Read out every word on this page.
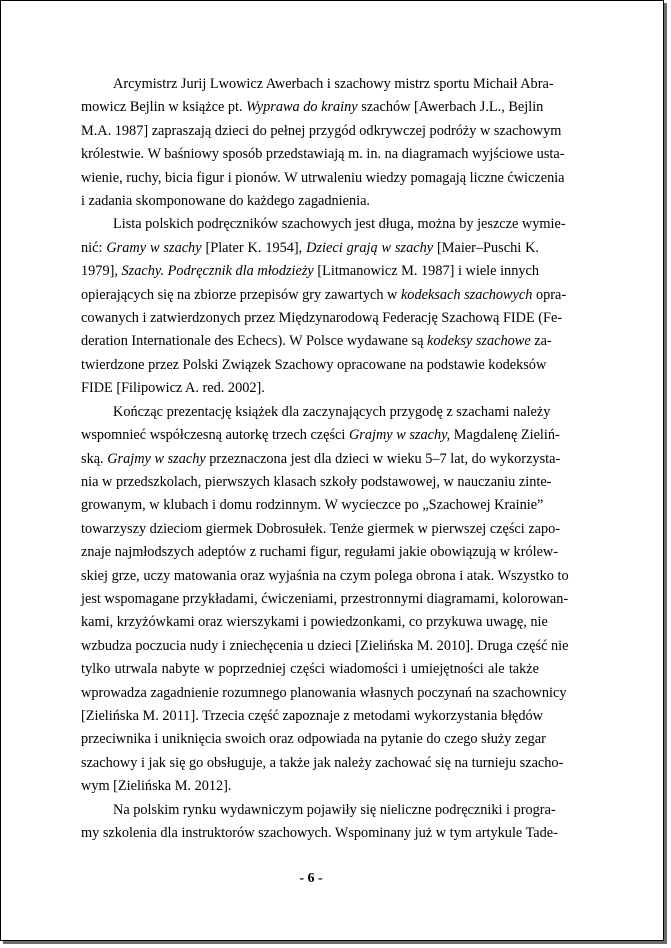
Arcymistrz Jurij Lwowicz Awerbach i szachowy mistrz sportu Michaił Abra-
mowicz Bejlin w książce pt. Wyprawa do krainy szachów [Awerbach J.L., Bejlin
M.A. 1987] zapraszają dzieci do pełnej przygód odkrywczej podróży w szachowym
królestwie. W baśniowy sposób przedstawiają m. in. na diagramach wyjściowe usta-
wienie, ruchy, bicia figur i pionów. W utrwaleniu wiedzy pomagają liczne ćwiczenia
i zadania skomponowane do każdego zagadnienia.

Lista polskich podręczników szachowych jest długa, można by jeszcze wymie-
nić: Gramy w szachy [Plater K. 1954], Dzieci grają w szachy [Maier–Puschi K.
1979], Szachy. Podręcznik dla młodzieży [Litmanowicz M. 1987] i wiele innych
opierających się na zbiorze przepisów gry zawartych w kodeksach szachowych opra-
cowanych i zatwierdzonych przez Międzynarodową Federację Szachową FIDE (Fe-
deration Internationale des Echecs). W Polsce wydawane są kodeksy szachowe za-
twierdzone przez Polski Związek Szachowy opracowane na podstawie kodeksów
FIDE [Filipowicz A. red. 2002].

Kończąc prezentację książek dla zaczynających przygodę z szachami należy
wspomnieć współczesną autorkę trzech części Grajmy w szachy, Magdalenę Zieliń-
ską. Grajmy w szachy przeznaczona jest dla dzieci w wieku 5–7 lat, do wykorzysta-
nia w przedszkolach, pierwszych klasach szkoły podstawowej, w nauczaniu zinte-
growanym, w klubach i domu rodzinnym. W wycieczce po „Szachowej Krainie”
towarzyszy dzieciom giermek Dobrosułek. Tenże giermek w pierwszej części zapo-
znaje najmłodszych adeptów z ruchami figur, regułami jakie obowiązują w królew-
skiej grze, uczy matowania oraz wyjaśnia na czym polega obrona i atak. Wszystko to
jest wspomagane przykładami, ćwiczeniami, przestronnymi diagramami, kolorowan-
kami, krzyżówkami oraz wierszykami i powiedzonkami, co przykuwa uwagę, nie
wzbudza poczucia nudy i zniechęcenia u dzieci [Zielińska M. 2010]. Druga część nie
tylko utrwala nabyte w poprzedniej części wiadomości i umiejętności ale także
wprowadza zagadnienie rozumnego planowania własnych poczynań na szachownicy
[Zielińska M. 2011]. Trzecia część zapoznaje z metodami wykorzystania błędów
przeciwnika i uniknięcia swoich oraz odpowiada na pytanie do czego służy zegar
szachowy i jak się go obsługuje, a także jak należy zachować się na turnieju szacho-
wym [Zielińska M. 2012].

Na polskim rynku wydawniczym pojawiły się nieliczne podręczniki i progra-
my szkolenia dla instruktorów szachowych. Wspominany już w tym artykule Tade-

- 6 -
